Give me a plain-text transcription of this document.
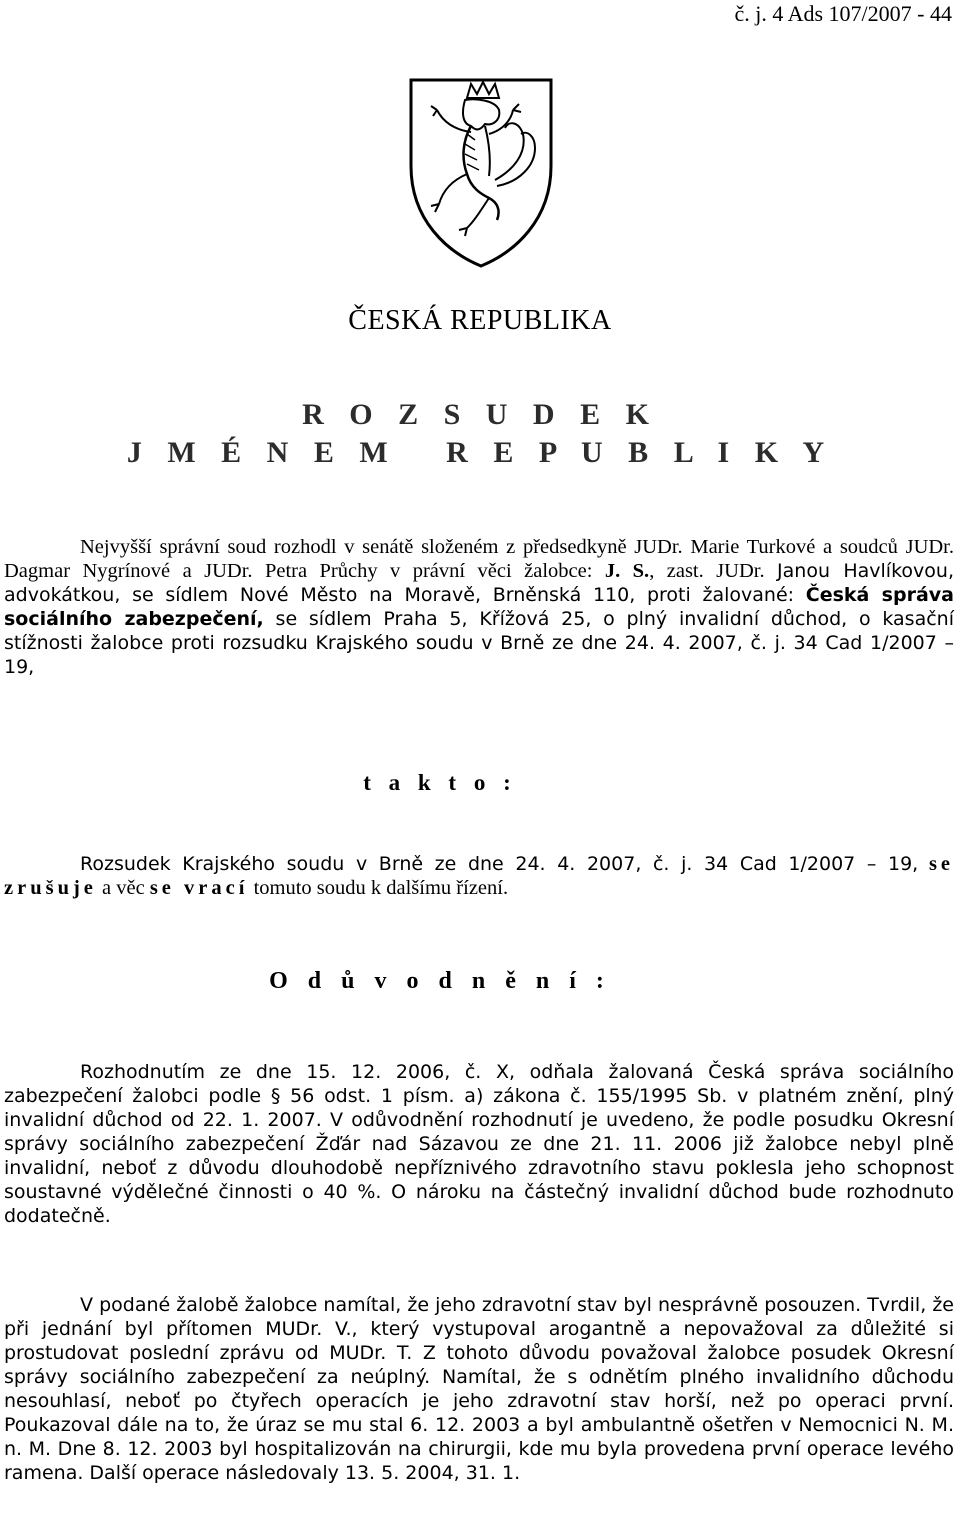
č. j. 4 Ads 107/2007 - 44
ČESKÁ REPUBLIKA
R O Z S U D E K
J M É N E M   R E P U B L I K Y
Nejvyšší správní soud rozhodl v senátě složeném z předsedkyně JUDr. Marie Turkové a soudců JUDr. Dagmar Nygrínové a JUDr. Petra Průchy v právní věci žalobce: J. S., zast. JUDr. Janou Havlíkovou, advokátkou, se sídlem Nové Město na Moravě, Brněnská 110, proti žalované: Česká správa sociálního zabezpečení, se sídlem Praha 5, Křížová 25, o plný invalidní důchod, o kasační stížnosti žalobce proti rozsudku Krajského soudu v Brně ze dne 24. 4. 2007, č. j. 34 Cad 1/2007 – 19,
t a k t o :
Rozsudek Krajského soudu v Brně ze dne 24. 4. 2007, č. j. 34 Cad 1/2007 – 19, se zrušuje a věc se vrací tomuto soudu k dalšímu řízení.
O d ů v o d n ě n í :
Rozhodnutím ze dne 15. 12. 2006, č. X, odňala žalovaná Česká správa sociálního zabezpečení žalobci podle § 56 odst. 1 písm. a) zákona č. 155/1995 Sb. v platném znění, plný invalidní důchod od 22. 1. 2007. V odůvodnění rozhodnutí je uvedeno, že podle posudku Okresní správy sociálního zabezpečení Žďár nad Sázavou ze dne 21. 11. 2006 již žalobce nebyl plně invalidní, neboť z důvodu dlouhodobě nepříznivého zdravotního stavu poklesla jeho schopnost soustavné výdělečné činnosti o 40 %. O nároku na částečný invalidní důchod bude rozhodnuto dodatečně.
V podané žalobě žalobce namítal, že jeho zdravotní stav byl nesprávně posouzen. Tvrdil, že při jednání byl přítomen MUDr. V., který vystupoval arogantně a nepovažoval za důležité si prostudovat poslední zprávu od MUDr. T. Z tohoto důvodu považoval žalobce posudek Okresní správy sociálního zabezpečení za neúplný. Namítal, že s odnětím plného invalidního důchodu nesouhlasí, neboť po čtyřech operacích je jeho zdravotní stav horší, než po operaci první. Poukazoval dále na to, že úraz se mu stal 6. 12. 2003 a byl ambulantně ošetřen v Nemocnici N. M. n. M. Dne 8. 12. 2003 byl hospitalizován na chirurgii, kde mu byla provedena první operace levého ramena. Další operace následovaly 13. 5. 2004, 31. 1.
